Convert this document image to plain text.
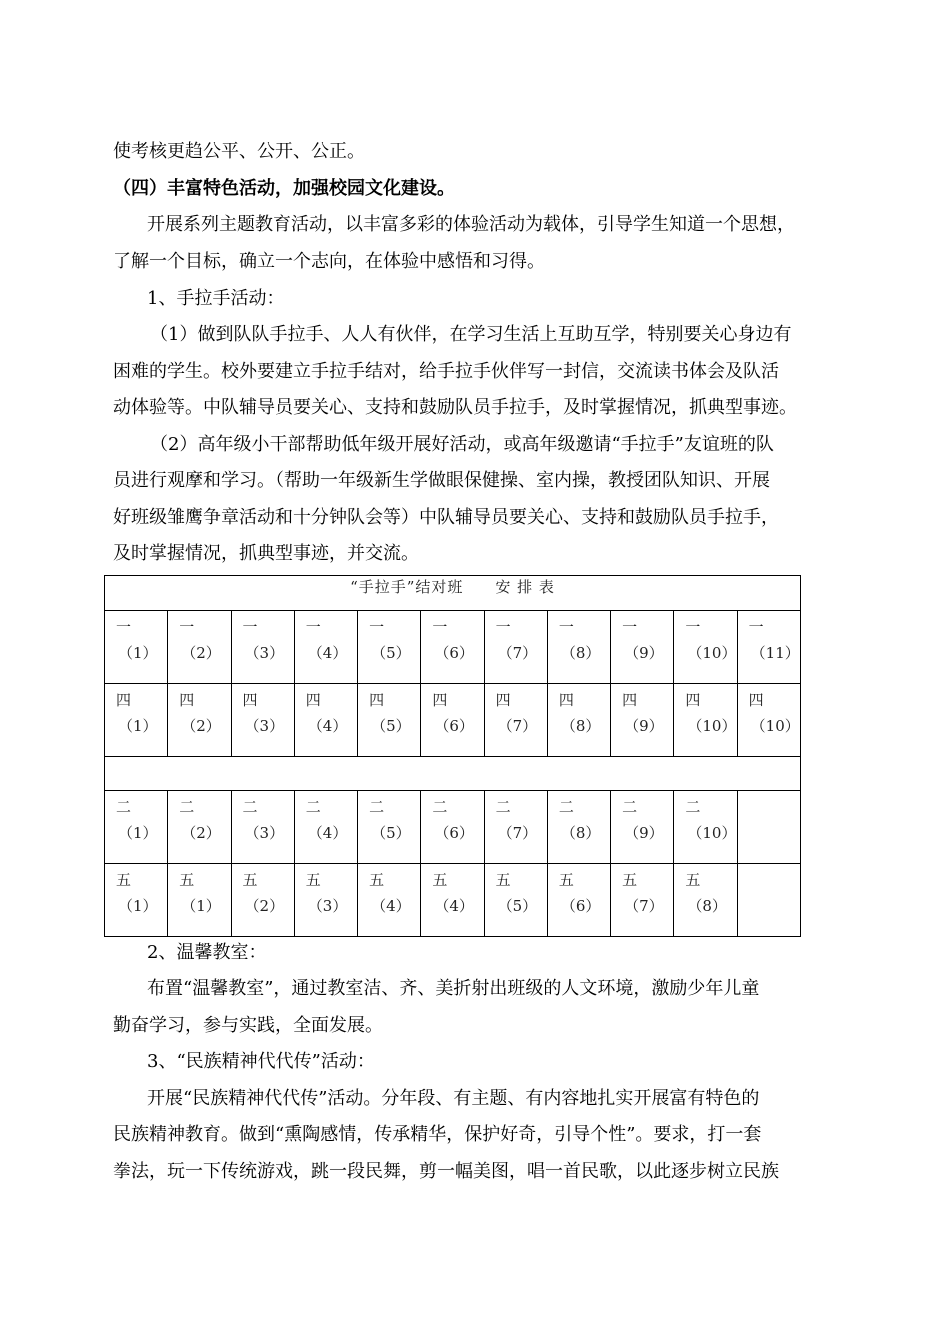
使考核更趋公平、公开、公正。
（四）丰富特色活动，加强校园文化建设。
开展系列主题教育活动，以丰富多彩的体验活动为载体，引导学生知道一个思想，
了解一个目标，确立一个志向，在体验中感悟和习得。
1、手拉手活动：
（1）做到队队手拉手、人人有伙伴，在学习生活上互助互学，特别要关心身边有
困难的学生。校外要建立手拉手结对，给手拉手伙伴写一封信，交流读书体会及队活
动体验等。中队辅导员要关心、支持和鼓励队员手拉手，及时掌握情况，抓典型事迹。
（2）高年级小干部帮助低年级开展好活动，或高年级邀请“手拉手”友谊班的队
员进行观摩和学习。（帮助一年级新生学做眼保健操、室内操，教授团队知识、开展
好班级雏鹰争章活动和十分钟队会等）中队辅导员要关心、支持和鼓励队员手拉手，
及时掌握情况，抓典型事迹，并交流。
“手拉手”结对班　　安 排 表										

一
（1）	一
（2）	一
（3）	一
（4）	一
（5）	一
（6）	一
（7）	一
（8）	一
（9）	一
（10）	一
（11）

四
（1）	四
（2）	四
（3）	四
（4）	四
（5）	四
（6）	四
（7）	四
（8）	四
（9）	四
（10）	四
（10）

二
（1）	二
（2）	二
（3）	二
（4）	二
（5）	二
（6）	二
（7）	二
（8）	二
（9）	二
（10）	

五
（1）	五
（1）	五
（2）	五
（3）	五
（4）	五
（4）	五
（5）	五
（6）	五
（7）	五
（8）	

2、温馨教室：
布置“温馨教室”，通过教室洁、齐、美折射出班级的人文环境，激励少年儿童
勤奋学习，参与实践，全面发展。
3、“民族精神代代传”活动：
开展“民族精神代代传”活动。分年段、有主题、有内容地扎实开展富有特色的
民族精神教育。做到“熏陶感情，传承精华，保护好奇，引导个性”。要求，打一套
拳法，玩一下传统游戏，跳一段民舞，剪一幅美图，唱一首民歌，以此逐步树立民族
